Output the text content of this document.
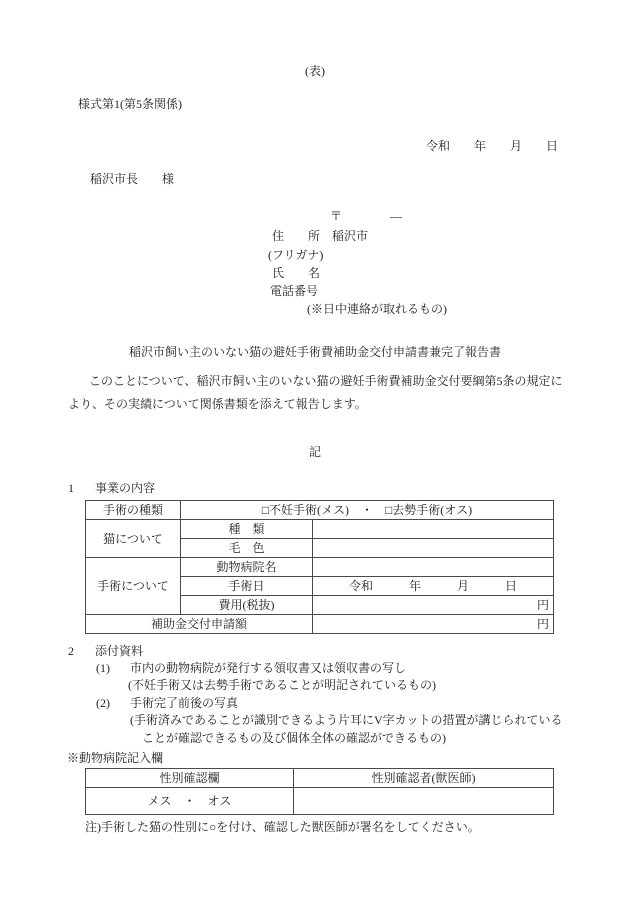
(表)
様式第1(第5条関係)
令和　　年　　月　　日
稲沢市長　　様
〒　　　　―
住　　所　稲沢市
(フリガナ)
氏　　名
電話番号
(※日中連絡が取れるもの)
稲沢市飼い主のいない猫の避妊手術費補助金交付申請書兼完了報告書
このことについて、稲沢市飼い主のいない猫の避妊手術費補助金交付要綱第5条の規定に
より、その実績について関係書類を添えて報告します。
記
1 事業の内容
手術の種類	□不妊手術(メス)　・　□去勢手術(オス)	
猫について	種　類	
	毛　色	
手術について	動物病院名	
	手術日	令和　　　年　　　月　　　日
	費用(税抜)	円
補助金交付申請額		円
2 添付資料
(1) 市内の動物病院が発行する領収書又は領収書の写し
(不妊手術又は去勢手術であることが明記されているもの)
(2) 手術完了前後の写真
(手術済みであることが識別できるよう片耳にV字カットの措置が講じられている
ことが確認できるもの及び個体全体の確認ができるもの)
※動物病院記入欄
性別確認欄	性別確認者(獣医師)
メス　・　オス	
注)手術した猫の性別に○を付け、確認した獣医師が署名をしてください。
